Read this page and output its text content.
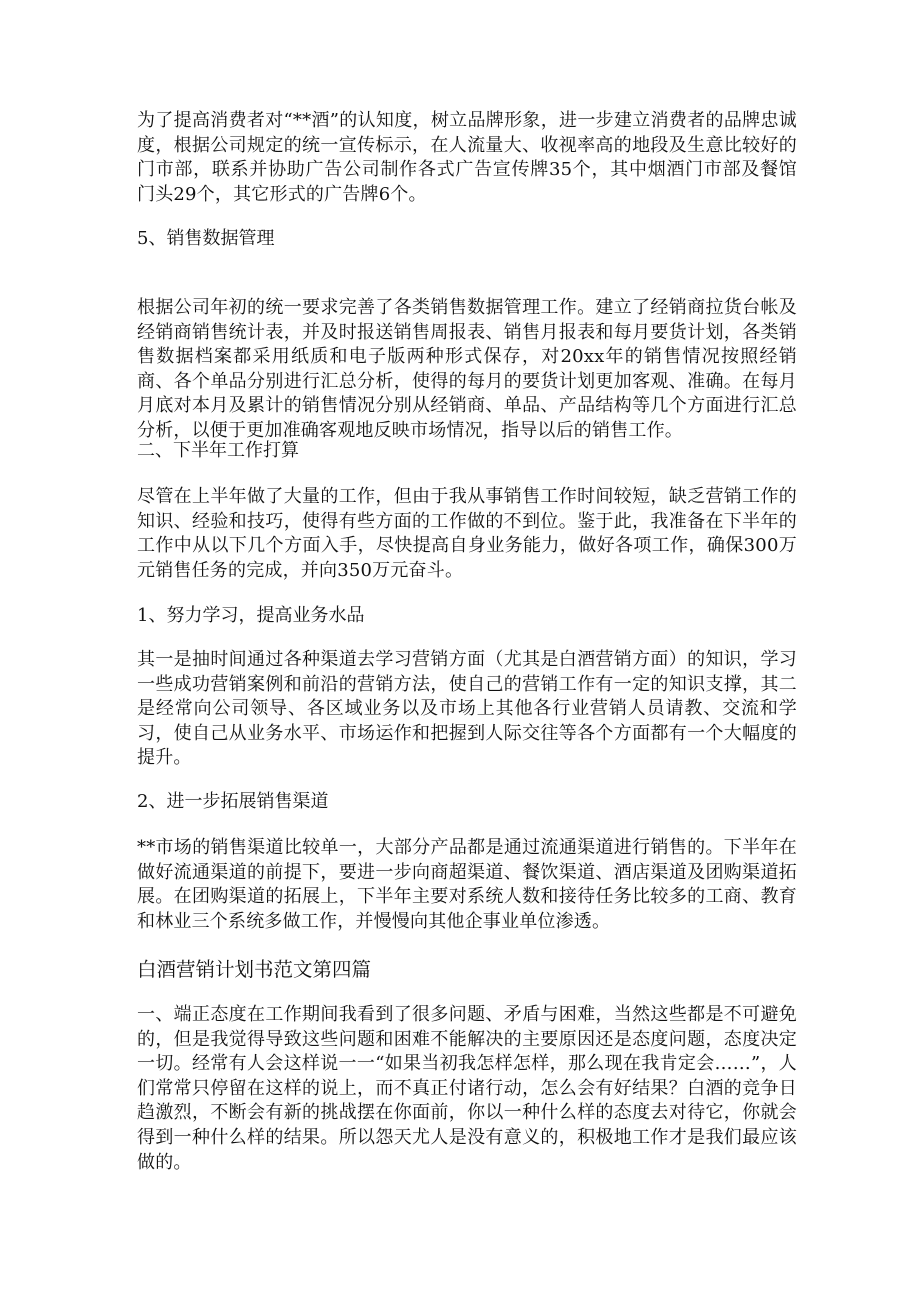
为了提高消费者对“**酒”的认知度，树立品牌形象，进一步建立消费者的品牌忠诚度，根据公司规定的统一宣传标示，在人流量大、收视率高的地段及生意比较好的门市部，联系并协助广告公司制作各式广告宣传牌35个，其中烟酒门市部及餐馆门头29个，其它形式的广告牌6个。

5、销售数据管理

根据公司年初的统一要求完善了各类销售数据管理工作。建立了经销商拉货台帐及经销商销售统计表，并及时报送销售周报表、销售月报表和每月要货计划，各类销售数据档案都采用纸质和电子版两种形式保存，对20xx年的销售情况按照经销商、各个单品分别进行汇总分析，使得的每月的要货计划更加客观、准确。在每月月底对本月及累计的销售情况分别从经销商、单品、产品结构等几个方面进行汇总分析，以便于更加准确客观地反映市场情况，指导以后的销售工作。

二、下半年工作打算

尽管在上半年做了大量的工作，但由于我从事销售工作时间较短，缺乏营销工作的知识、经验和技巧，使得有些方面的工作做的不到位。鉴于此，我准备在下半年的工作中从以下几个方面入手，尽快提高自身业务能力，做好各项工作，确保300万元销售任务的完成，并向350万元奋斗。

1、努力学习，提高业务水品

其一是抽时间通过各种渠道去学习营销方面（尤其是白酒营销方面）的知识，学习一些成功营销案例和前沿的营销方法，使自己的营销工作有一定的知识支撑，其二是经常向公司领导、各区域业务以及市场上其他各行业营销人员请教、交流和学习，使自己从业务水平、市场运作和把握到人际交往等各个方面都有一个大幅度的提升。

2、进一步拓展销售渠道

**市场的销售渠道比较单一，大部分产品都是通过流通渠道进行销售的。下半年在做好流通渠道的前提下，要进一步向商超渠道、餐饮渠道、酒店渠道及团购渠道拓展。在团购渠道的拓展上，下半年主要对系统人数和接待任务比较多的工商、教育和林业三个系统多做工作，并慢慢向其他企事业单位渗透。

白酒营销计划书范文第四篇

一、端正态度在工作期间我看到了很多问题、矛盾与困难，当然这些都是不可避免的，但是我觉得导致这些问题和困难不能解决的主要原因还是态度问题，态度决定一切。经常有人会这样说一一“如果当初我怎样怎样，那么现在我肯定会……”，人们常常只停留在这样的说上，而不真正付诸行动，怎么会有好结果？白酒的竞争日趋激烈，不断会有新的挑战摆在你面前，你以一种什么样的态度去对待它，你就会得到一种什么样的结果。所以怨天尤人是没有意义的，积极地工作才是我们最应该做的。
